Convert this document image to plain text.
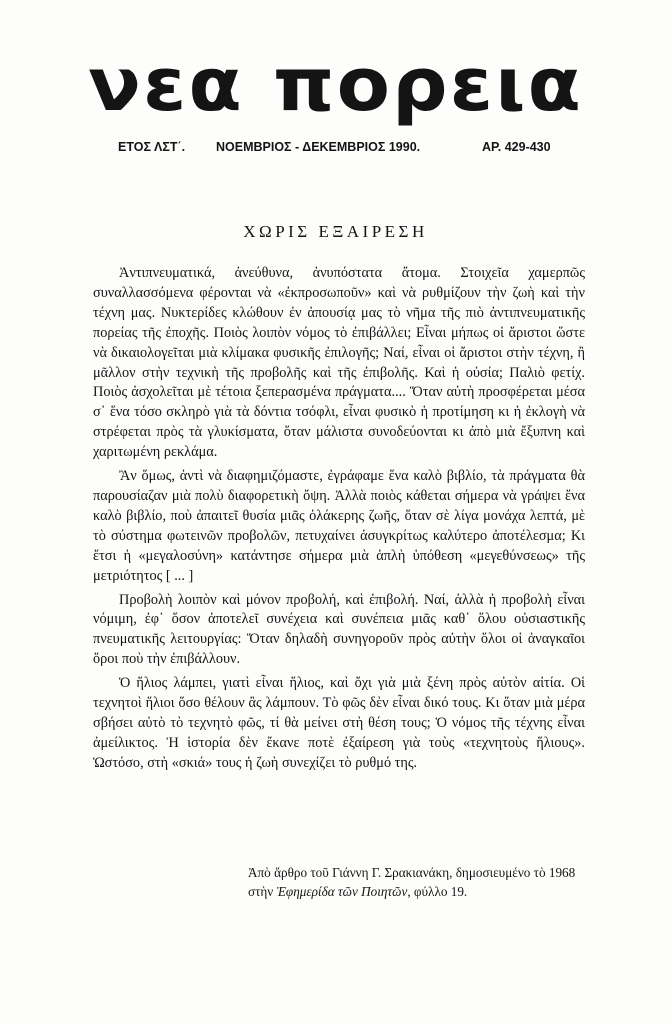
νεα πορεια
ΕΤΟΣ ΛΣΤ΄. ΝΟΕΜΒΡΙΟΣ - ΔΕΚΕΜΒΡΙΟΣ 1990.	ΑΡ. 429-430
ΧΩΡΙΣ ΕΞΑΙΡΕΣΗ

Ἀντιπνευματικά, ἀνεύθυνα, ἀνυπόστατα ἄτομα. Στοιχεῖα χαμερπῶς συναλλασσόμενα φέρονται νὰ «ἐκπροσωποῦν» καὶ νὰ ρυθμίζουν τὴν ζωὴ καὶ τὴν τέχνη μας. Νυκτερίδες κλώθουν ἐν ἀπουσίᾳ μας τὸ νῆμα τῆς πιὸ ἀντιπνευματικῆς πορείας τῆς ἐποχῆς. Ποιὸς λοιπὸν νόμος τὸ ἐπιβάλλει; Εἶναι μήπως οἱ ἄριστοι ὥστε νὰ δικαιολογεῖται μιὰ κλίμακα φυσικῆς ἐπιλογῆς; Ναί, εἶναι οἱ ἄριστοι στὴν τέχνη, ἢ μᾶλλον στὴν τεχνικὴ τῆς προβολῆς καὶ τῆς ἐπιβολῆς. Καὶ ἡ οὐσία; Παλιὸ φετίχ. Ποιὸς ἀσχολεῖται μὲ τέτοια ξεπερασμένα πράγματα.... Ὅταν αὐτὴ προσφέρεται μέσα σ᾽ ἕνα τόσο σκληρὸ γιὰ τὰ δόντια τσόφλι, εἶναι φυσικὸ ἡ προτίμηση κι ἡ ἐκλογὴ νὰ στρέφεται πρὸς τὰ γλυκίσματα, ὅταν μάλιστα συνοδεύονται κι ἀπὸ μιὰ ἔξυπνη καὶ χαριτωμένη ρεκλάμα.

Ἂν ὅμως, ἀντὶ νὰ διαφημιζόμαστε, ἐγράφαμε ἕνα καλὸ βιβλίο, τὰ πράγματα θὰ παρουσίαζαν μιὰ πολὺ διαφορετικὴ ὄψη. Ἀλλὰ ποιὸς κάθεται σήμερα νὰ γράψει ἕνα καλὸ βιβλίο, ποὺ ἀπαιτεῖ θυσία μιᾶς ὁλάκερης ζωῆς, ὅταν σὲ λίγα μονάχα λεπτά, μὲ τὸ σύστημα φωτεινῶν προβολῶν, πετυχαίνει ἀσυγκρίτως καλύτερο ἀποτέλεσμα; Κι ἔτσι ἡ «μεγαλοσύνη» κατάντησε σήμερα μιὰ ἁπλὴ ὑπόθεση «μεγεθύνσεως» τῆς μετριότητος [ ... ]

Προβολὴ λοιπὸν καὶ μόνον προβολή, καὶ ἐπιβολή. Ναί, ἀλλὰ ἡ προβολὴ εἶναι νόμιμη, ἐφ᾽ ὅσον ἀποτελεῖ συνέχεια καὶ συνέπεια μιᾶς καθ᾽ ὅλου οὐσιαστικῆς πνευματικῆς λειτουργίας: Ὅταν δηλαδὴ συνηγοροῦν πρὸς αὐτὴν ὅλοι οἱ ἀναγκαῖοι ὅροι ποὺ τὴν ἐπιβάλλουν.

Ὁ ἥλιος λάμπει, γιατὶ εἶναι ἥλιος, καὶ ὄχι γιὰ μιὰ ξένη πρὸς αὐτὸν αἰτία. Οἱ τεχνητοὶ ἥλιοι ὅσο θέλουν ἂς λάμπουν. Τὸ φῶς δὲν εἶναι δικό τους. Κι ὅταν μιὰ μέρα σβήσει αὐτὸ τὸ τεχνητὸ φῶς, τί θὰ μείνει στὴ θέση τους; Ὁ νόμος τῆς τέχνης εἶναι ἀμείλικτος. Ἡ ἱστορία δὲν ἔκανε ποτὲ ἐξαίρεση γιὰ τοὺς «τεχνητοὺς ἥλιους». Ὡστόσο, στὴ «σκιά» τους ἡ ζωὴ συνεχίζει τὸ ρυθμό της.

Ἀπὸ ἄρθρο τοῦ Γιάννη Γ. Σρακιανάκη, δημοσιευμένο τὸ 1968 στὴν Ἐφημερίδα τῶν Ποιητῶν, φύλλο 19.
